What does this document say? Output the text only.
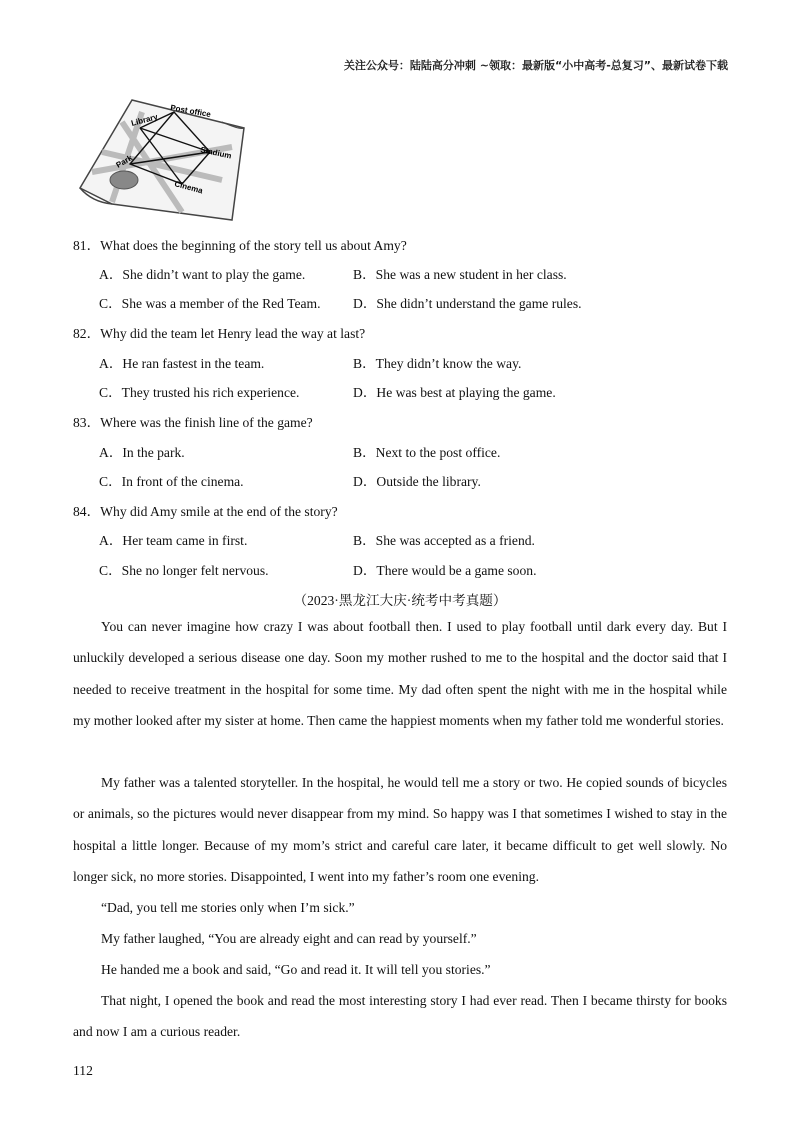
关注公众号：陆陆高分冲刺 ~领取：最新版“小中高考-总复习”、最新试卷下载
Library
Post office
Stadium
Park
Cinema
81．What does the beginning of the story tell us about Amy?
A．She didn’t want to play the game.	B．She was a new student in her class.
C．She was a member of the Red Team. D．She didn’t understand the game rules.
82．Why did the team let Henry lead the way at last?
A．He ran fastest in the team.	B．They didn’t know the way.
C．They trusted his rich experience.	D．He was best at playing the game.
83．Where was the finish line of the game?
A．In the park.	B．Next to the post office.
C．In front of the cinema.	D．Outside the library.
84．Why did Amy smile at the end of the story?
A．Her team came in first.	B．She was accepted as a friend.
C．She no longer felt nervous.	D．There would be a game soon.
（2023·黑龙江大庆·统考中考真题）

You can never imagine how crazy I was about football then. I used to play football until dark every day. But I unluckily developed a serious disease one day. Soon my mother rushed to me to the hospital and the doctor said that I needed to receive treatment in the hospital for some time. My dad often spent the night with me in the hospital while my mother looked after my sister at home. Then came the happiest moments when my father told me wonderful stories.

My father was a talented storyteller. In the hospital, he would tell me a story or two. He copied sounds of bicycles or animals, so the pictures would never disappear from my mind. So happy was I that sometimes I wished to stay in the hospital a little longer. Because of my mom’s strict and careful care later, it became difficult to get well slowly. No longer sick, no more stories. Disappointed, I went into my father’s room one evening.

“Dad, you tell me stories only when I’m sick.”

My father laughed, “You are already eight and can read by yourself.”

He handed me a book and said, “Go and read it. It will tell you stories.”

That night, I opened the book and read the most interesting story I had ever read. Then I became thirsty for books and now I am a curious reader.

112
